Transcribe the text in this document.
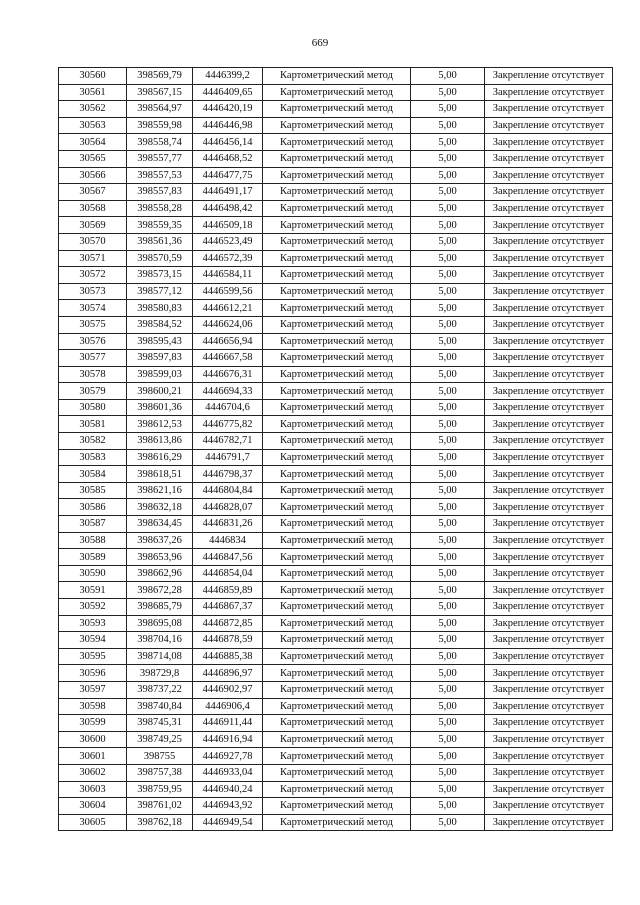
669
30560	398569,79	4446399,2	Картометрический метод	5,00	Закрепление отсутствует
30561	398567,15	4446409,65	Картометрический метод	5,00	Закрепление отсутствует
30562	398564,97	4446420,19	Картометрический метод	5,00	Закрепление отсутствует
30563	398559,98	4446446,98	Картометрический метод	5,00	Закрепление отсутствует
30564	398558,74	4446456,14	Картометрический метод	5,00	Закрепление отсутствует
30565	398557,77	4446468,52	Картометрический метод	5,00	Закрепление отсутствует
30566	398557,53	4446477,75	Картометрический метод	5,00	Закрепление отсутствует
30567	398557,83	4446491,17	Картометрический метод	5,00	Закрепление отсутствует
30568	398558,28	4446498,42	Картометрический метод	5,00	Закрепление отсутствует
30569	398559,35	4446509,18	Картометрический метод	5,00	Закрепление отсутствует
30570	398561,36	4446523,49	Картометрический метод	5,00	Закрепление отсутствует
30571	398570,59	4446572,39	Картометрический метод	5,00	Закрепление отсутствует
30572	398573,15	4446584,11	Картометрический метод	5,00	Закрепление отсутствует
30573	398577,12	4446599,56	Картометрический метод	5,00	Закрепление отсутствует
30574	398580,83	4446612,21	Картометрический метод	5,00	Закрепление отсутствует
30575	398584,52	4446624,06	Картометрический метод	5,00	Закрепление отсутствует
30576	398595,43	4446656,94	Картометрический метод	5,00	Закрепление отсутствует
30577	398597,83	4446667,58	Картометрический метод	5,00	Закрепление отсутствует
30578	398599,03	4446676,31	Картометрический метод	5,00	Закрепление отсутствует
30579	398600,21	4446694,33	Картометрический метод	5,00	Закрепление отсутствует
30580	398601,36	4446704,6	Картометрический метод	5,00	Закрепление отсутствует
30581	398612,53	4446775,82	Картометрический метод	5,00	Закрепление отсутствует
30582	398613,86	4446782,71	Картометрический метод	5,00	Закрепление отсутствует
30583	398616,29	4446791,7	Картометрический метод	5,00	Закрепление отсутствует
30584	398618,51	4446798,37	Картометрический метод	5,00	Закрепление отсутствует
30585	398621,16	4446804,84	Картометрический метод	5,00	Закрепление отсутствует
30586	398632,18	4446828,07	Картометрический метод	5,00	Закрепление отсутствует
30587	398634,45	4446831,26	Картометрический метод	5,00	Закрепление отсутствует
30588	398637,26	4446834	Картометрический метод	5,00	Закрепление отсутствует
30589	398653,96	4446847,56	Картометрический метод	5,00	Закрепление отсутствует
30590	398662,96	4446854,04	Картометрический метод	5,00	Закрепление отсутствует
30591	398672,28	4446859,89	Картометрический метод	5,00	Закрепление отсутствует
30592	398685,79	4446867,37	Картометрический метод	5,00	Закрепление отсутствует
30593	398695,08	4446872,85	Картометрический метод	5,00	Закрепление отсутствует
30594	398704,16	4446878,59	Картометрический метод	5,00	Закрепление отсутствует
30595	398714,08	4446885,38	Картометрический метод	5,00	Закрепление отсутствует
30596	398729,8	4446896,97	Картометрический метод	5,00	Закрепление отсутствует
30597	398737,22	4446902,97	Картометрический метод	5,00	Закрепление отсутствует
30598	398740,84	4446906,4	Картометрический метод	5,00	Закрепление отсутствует
30599	398745,31	4446911,44	Картометрический метод	5,00	Закрепление отсутствует
30600	398749,25	4446916,94	Картометрический метод	5,00	Закрепление отсутствует
30601	398755	4446927,78	Картометрический метод	5,00	Закрепление отсутствует
30602	398757,38	4446933,04	Картометрический метод	5,00	Закрепление отсутствует
30603	398759,95	4446940,24	Картометрический метод	5,00	Закрепление отсутствует
30604	398761,02	4446943,92	Картометрический метод	5,00	Закрепление отсутствует
30605	398762,18	4446949,54	Картометрический метод	5,00	Закрепление отсутствует
